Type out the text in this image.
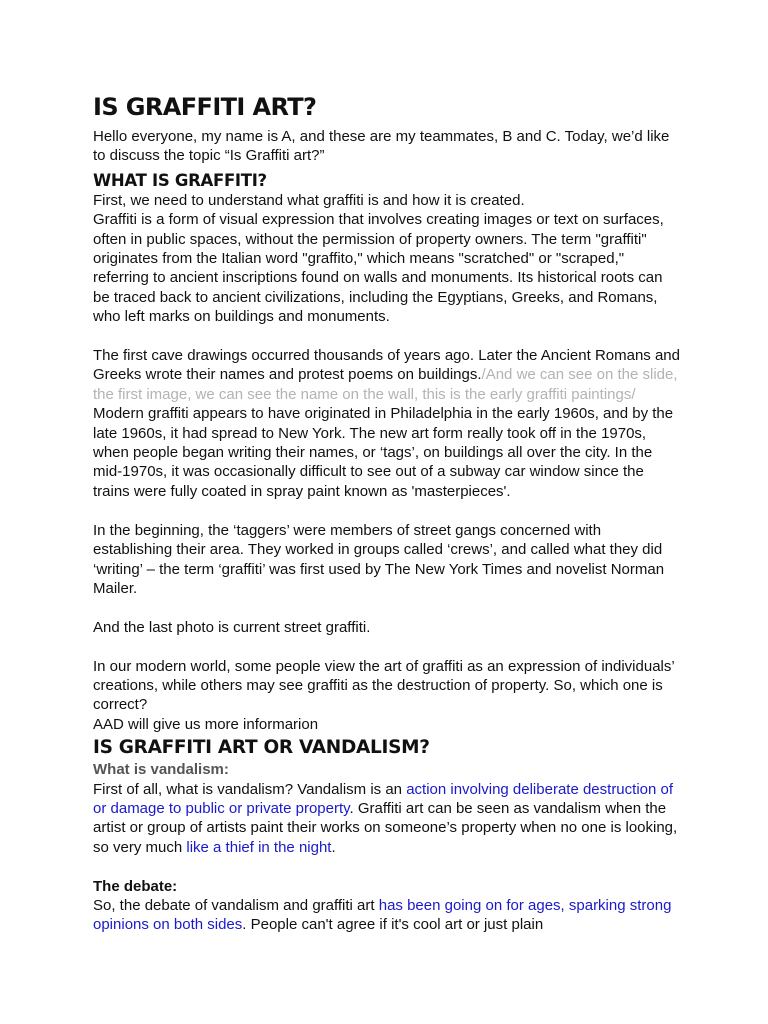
IS GRAFFITI ART?

Hello everyone, my name is A, and these are my teammates, B and C. Today, we’d like to discuss the topic “Is Graffiti art?”

WHAT IS GRAFFITI?

First, we need to understand what graffiti is and how it is created.

Graffiti is a form of visual expression that involves creating images or text on surfaces, often in public spaces, without the permission of property owners. The term "graffiti" originates from the Italian word "graffito," which means "scratched" or "scraped," referring to ancient inscriptions found on walls and monuments. Its historical roots can be traced back to ancient civilizations, including the Egyptians, Greeks, and Romans, who left marks on buildings and monuments.

The first cave drawings occurred thousands of years ago. Later the Ancient Romans and Greeks wrote their names and protest poems on buildings./And we can see on the slide, the first image, we can see the name on the wall, this is the early graffiti paintings/ Modern graffiti appears to have originated in Philadelphia in the early 1960s, and by the late 1960s, it had spread to New York. The new art form really took off in the 1970s, when people began writing their names, or ‘tags’, on buildings all over the city. In the mid-1970s, it was occasionally difficult to see out of a subway car window since the trains were fully coated in spray paint known as 'masterpieces'.

In the beginning, the ‘taggers’ were members of street gangs concerned with establishing their area. They worked in groups called ‘crews’, and called what they did ‘writing’ – the term ‘graffiti’ was first used by The New York Times and novelist Norman Mailer.

And the last photo is current street graffiti.

In our modern world, some people view the art of graffiti as an expression of individuals’ creations, while others may see graffiti as the destruction of property. So, which one is correct?

AAD will give us more informarion

IS GRAFFITI ART OR VANDALISM?

What is vandalism:

First of all, what is vandalism? Vandalism is an action involving deliberate destruction of or damage to public or private property. Graffiti art can be seen as vandalism when the artist or group of artists paint their works on someone’s property when no one is looking, so very much like a thief in the night.

The debate:

So, the debate of vandalism and graffiti art has been going on for ages, sparking strong opinions on both sides. People can't agree if it's cool art or just plain
